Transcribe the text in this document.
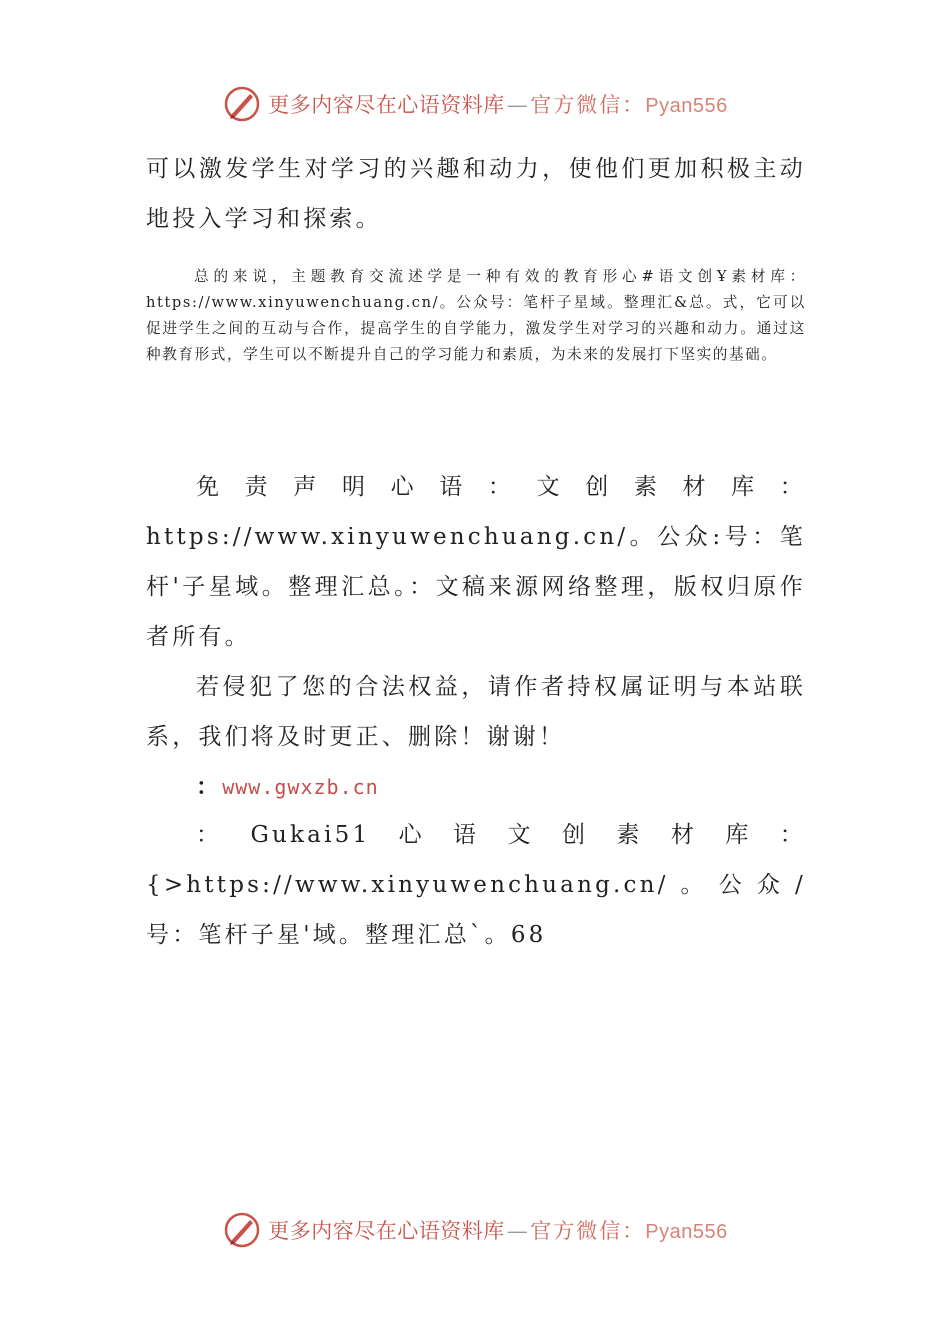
更多内容尽在心语资料库 — 官方微信： Pyan556

可以激发学生对学习的兴趣和动力，使他们更加积极主动地投入学习和探索。

总的来说，主题教育交流述学是一种有效的教育形心#语文创Ұ素材库：https://www.xinyuwenchuang.cn/。公众号：笔杆子星域。整理汇&总。式，它可以促进学生之间的互动与合作，提高学生的自学能力，激发学生对学习的兴趣和动力。通过这种教育形式，学生可以不断提升自己的学习能力和素质，为未来的发展打下坚实的基础。

免责声明心语：文创素材库：https://www.xinyuwenchuang.cn/。公众:号：笔杆'子星域。整理汇总。：文稿来源网络整理，版权归原作者所有。

若侵犯了您的合法权益，请作者持权属证明与本站联系，我们将及时更正、删除！谢谢！

：www.gwxzb.cn

：Gukai51心语文创素材库：{>https://www.xinyuwenchuang.cn/。公众/号：笔杆子星'域。整理汇总`。68

更多内容尽在心语资料库 — 官方微信： Pyan556
